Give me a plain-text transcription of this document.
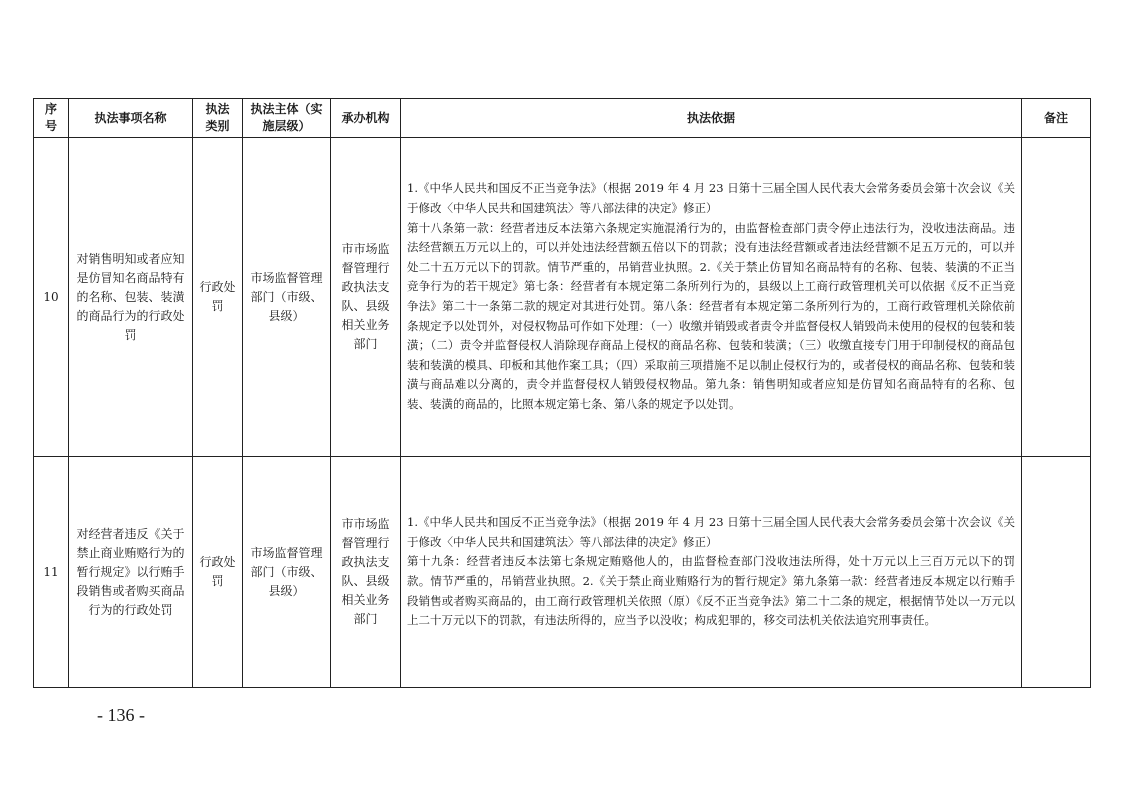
序号	执法事项名称	执法类别	执法主体（实施层级）	承办机构	执法依据	备注
10	对销售明知或者应知是仿冒知名商品特有的名称、包装、装潢的商品行为的行政处罚	行政处罚	市场监督管理部门（市级、县级）	市市场监督管理行政执法支队、县级相关业务部门	1.《中华人民共和国反不正当竞争法》（根据 2019 年 4 月 23 日第十三届全国人民代表大会常务委员会第十次会议《关于修改〈中华人民共和国建筑法〉等八部法律的决定》修正）

第十八条第一款：经营者违反本法第六条规定实施混淆行为的，由监督检查部门责令停止违法行为，没收违法商品。违法经营额五万元以上的，可以并处违法经营额五倍以下的罚款；没有违法经营额或者违法经营额不足五万元的，可以并处二十五万元以下的罚款。情节严重的，吊销营业执照。2.《关于禁止仿冒知名商品特有的名称、包装、装潢的不正当竞争行为的若干规定》第七条：经营者有本规定第二条所列行为的，县级以上工商行政管理机关可以依据《反不正当竞争法》第二十一条第二款的规定对其进行处罚。第八条：经营者有本规定第二条所列行为的，工商行政管理机关除依前条规定予以处罚外，对侵权物品可作如下处理：（一）收缴并销毁或者责令并监督侵权人销毁尚未使用的侵权的包装和装潢；（二）责令并监督侵权人消除现存商品上侵权的商品名称、包装和装潢；（三）收缴直接专门用于印制侵权的商品包装和装潢的模具、印板和其他作案工具；（四）采取前三项措施不足以制止侵权行为的，或者侵权的商品名称、包装和装潢与商品难以分离的，责令并监督侵权人销毁侵权物品。第九条：销售明知或者应知是仿冒知名商品特有的名称、包装、装潢的商品的，比照本规定第七条、第八条的规定予以处罚。	

11	对经营者违反《关于禁止商业贿赂行为的暂行规定》以行贿手段销售或者购买商品行为的行政处罚	行政处罚	市场监督管理部门（市级、县级）	市市场监督管理行政执法支队、县级相关业务部门	1.《中华人民共和国反不正当竞争法》（根据 2019 年 4 月 23 日第十三届全国人民代表大会常务委员会第十次会议《关于修改〈中华人民共和国建筑法〉等八部法律的决定》修正）

第十九条：经营者违反本法第七条规定贿赂他人的，由监督检查部门没收违法所得，处十万元以上三百万元以下的罚款。情节严重的，吊销营业执照。2.《关于禁止商业贿赂行为的暂行规定》第九条第一款：经营者违反本规定以行贿手段销售或者购买商品的，由工商行政管理机关依照（原）《反不正当竞争法》第二十二条的规定，根据情节处以一万元以上二十万元以下的罚款，有违法所得的，应当予以没收；构成犯罪的，移交司法机关依法追究刑事责任。	

- 136 -
